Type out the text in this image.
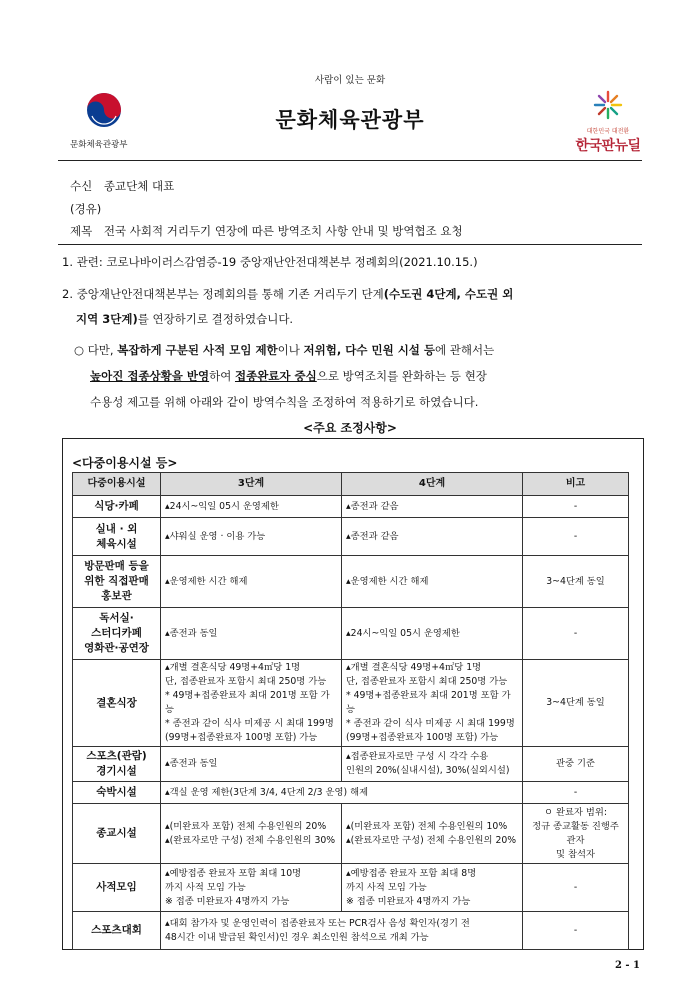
사람이 있는 문화
문화체육관광부
문화체육관광부	대한민국 대전환
한국판뉴딜
수신 종교단체 대표
(경유)
제목 전국 사회적 거리두기 연장에 따른 방역조치 사항 안내 및 방역협조 요청
1. 관련: 코로나바이러스감염증-19 중앙재난안전대책본부 정례회의(2021.10.15.)
2. 중앙재난안전대책본부는 정례회의를 통해 기존 거리두기 단계(수도권 4단계, 수도권 외
지역 3단계)를 연장하기로 결정하였습니다.
○ 다만, 복잡하게 구분된 사적 모임 제한이나 저위험, 다수 민원 시설 등에 관해서는
높아진 접종상황을 반영하여 접종완료자 중심으로 방역조치를 완화하는 등 현장
수용성 제고를 위해 아래와 같이 방역수칙을 조정하여 적용하기로 하였습니다.
<주요 조정사항>
<다중이용시설 등>
다중이용시설	3단계	4단계	비고

식당·카페	▴24시~익일 05시 운영제한	▴종전과 같음	-

실내 · 외
체육시설	▴샤워실 운영 · 이용 가능	▴종전과 같음	-

방문판매 등을
위한 직접판매
홍보관	▴운영제한 시간 해제	▴운영제한 시간 해제	3~4단계 동일

독서실·
스터디카페
영화관·공연장	▴종전과 동일	▴24시~익일 05시 운영제한	-

결혼식장	▴개별 결혼식당 49명+4㎡당 1명
단, 접종완료자 포함시 최대 250명 가능
* 49명+접종완료자 최대 201명 포함 가능
* 종전과 같이 식사 미제공 시 최대 199명
(99명+접종완료자 100명 포함) 가능	▴개별 결혼식당 49명+4㎡당 1명
단, 접종완료자 포함시 최대 250명 가능
* 49명+접종완료자 최대 201명 포함 가능
* 종전과 같이 식사 미제공 시 최대 199명
(99명+접종완료자 100명 포함) 가능	3~4단계 동일

스포츠(관람)
경기시설	▴종전과 동일	▴접종완료자로만 구성 시 각각 수용
인원의 20%(실내시설), 30%(실외시설)	관중 기준

숙박시설	▴객실 운영 제한(3단계 3/4, 4단계 2/3 운영) 해제		-

종교시설	▴(미완료자 포함) 전체 수용인원의 20%
▴(완료자로만 구성) 전체 수용인원의 30%	▴(미완료자 포함) 전체 수용인원의 10%
▴(완료자로만 구성) 전체 수용인원의 20%	ㅇ 완료자 범위:
정규 종교활동 진행주
관자
및 참석자

사적모임	▴예방접종 완료자 포함 최대 10명
까지 사적 모임 가능
※ 접종 미완료자 4명까지 가능	▴예방접종 완료자 포함 최대 8명
까지 사적 모임 가능
※ 접종 미완료자 4명까지 가능	-

스포츠대회	▴대회 참가자 및 운영인력이 접종완료자 또는 PCR검사 음성 확인자(경기 전
48시간 이내 발급된 확인서)인 경우 최소인원 참석으로 개최 가능		-
2 - 1
